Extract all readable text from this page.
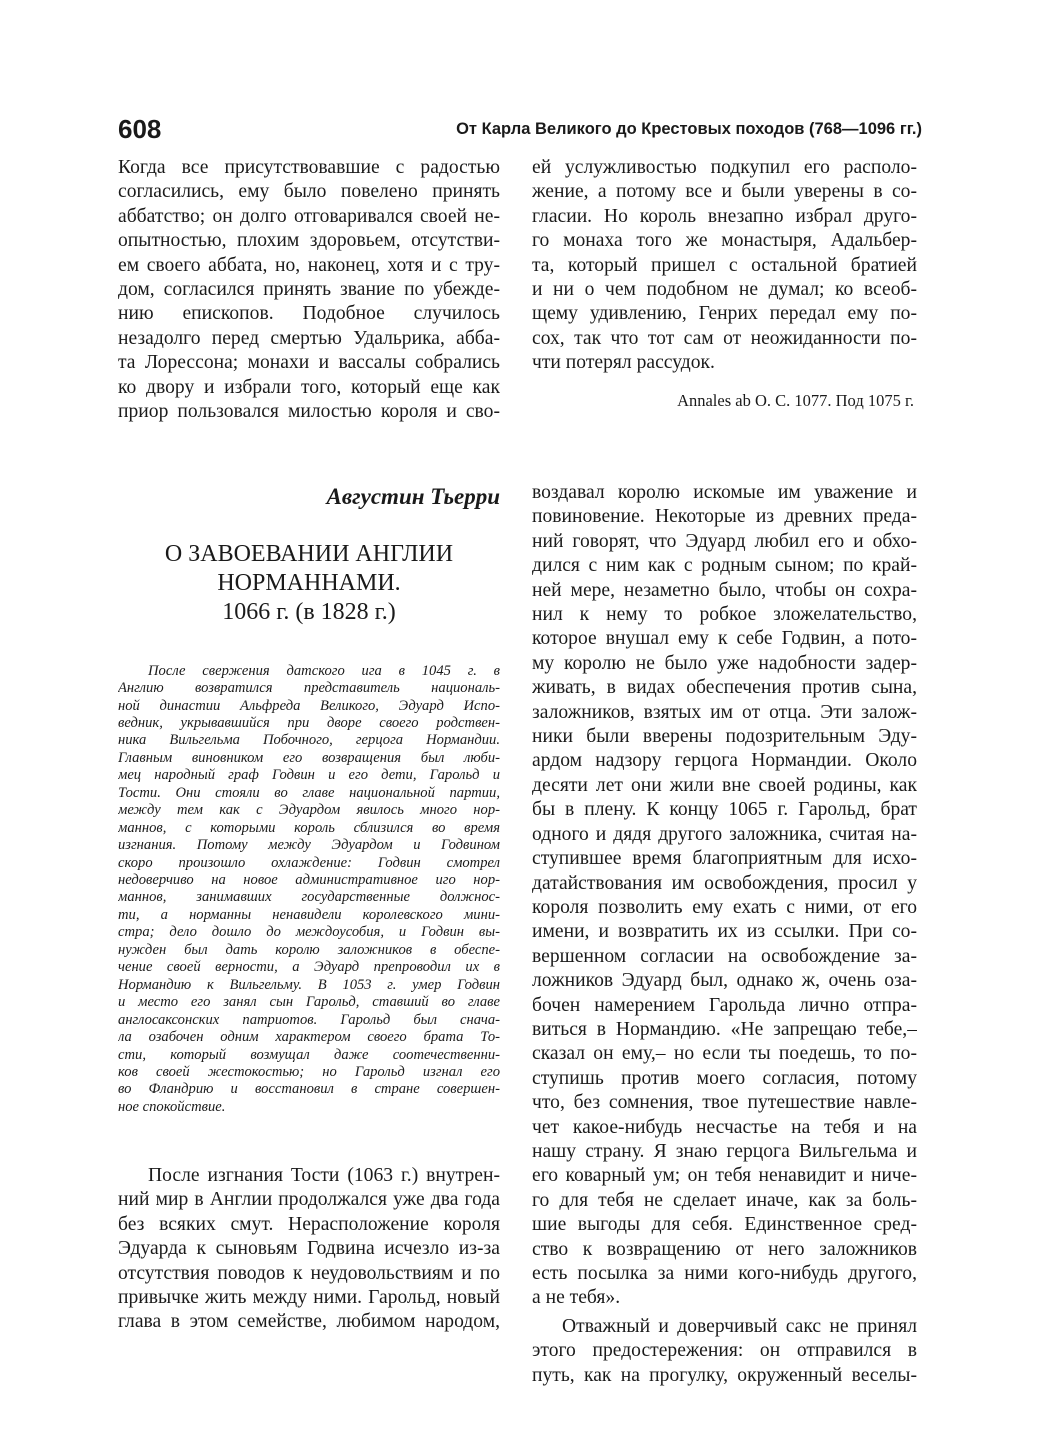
608	От Карла Великого до Крестовых походов (768—1096 гг.)

Когда все присутствовавшие с радостью
согласились, ему было повелено принять
аббатство; он долго отговаривался своей не-
опытностью, плохим здоровьем, отсутстви-
ем своего аббата, но, наконец, хотя и с тру-
дом, согласился принять звание по убежде-
нию епископов. Подобное случилось
незадолго перед смертью Удальрика, абба-
та Лорессона; монахи и вассалы собрались
ко двору и избрали того, который еще как
приор пользовался милостью короля и сво-

ей услужливостью подкупил его располо-
жение, а потому все и были уверены в со-
гласии. Но король внезапно избрал друго-
го монаха того же монастыря, Адальбер-
та, который пришел с остальной братией
и ни о чем подобном не думал; ко всеоб-
щему удивлению, Генрих передал ему по-
сох, так что тот сам от неожиданности по-
чти потерял рассудок.

Annales ab O. C. 1077. Под 1075 г.
Августин Тьерри
О ЗАВОЕВАНИИ АНГЛИИ
НОРМАННАМИ.
1066 г. (в 1828 г.)

После свержения датского ига в 1045 г. в
Англию возвратился представитель националь-
ной династии Альфреда Великого, Эдуард Испо-
ведник, укрывавшийся при дворе своего родствен-
ника Вильгельма Побочного, герцога Нормандии.
Главным виновником его возвращения был люби-
мец народный граф Годвин и его дети, Гарольд и
Тости. Они стояли во главе национальной партии,
между тем как с Эдуардом явилось много нор-
маннов, с которыми король сблизился во время
изгнания. Потому между Эдуардом и Годвином
скоро произошло охлаждение: Годвин смотрел
недоверчиво на новое административное иго нор-
маннов, занимавших государственные должнос-
ти, а норманны ненавидели королевского мини-
стра; дело дошло до междоусобия, и Годвин вы-
нужден был дать королю заложников в обеспе-
чение своей верности, а Эдуард препроводил их в
Нормандию к Вильгельму. В 1053 г. умер Годвин
и место его занял сын Гарольд, ставший во главе
англосаксонских патриотов. Гарольд был снача-
ла озабочен одним характером своего брата То-
сти, который возмущал даже соотечественни-
ков своей жестокостью; но Гарольд изгнал его
во Фландрию и восстановил в стране совершен-
ное спокойствие.

После изгнания Тости (1063 г.) внутрен-
ний мир в Англии продолжался уже два года
без всяких смут. Нерасположение короля
Эдуарда к сыновьям Годвина исчезло из-за
отсутствия поводов к неудовольствиям и по
привычке жить между ними. Гарольд, новый
глава в этом семействе, любимом народом,

воздавал королю искомые им уважение и
повиновение. Некоторые из древних преда-
ний говорят, что Эдуард любил его и обхо-
дился с ним как с родным сыном; по край-
ней мере, незаметно было, чтобы он сохра-
нил к нему то робкое зложелательство,
которое внушал ему к себе Годвин, а пото-
му королю не было уже надобности задер-
живать, в видах обеспечения против сына,
заложников, взятых им от отца. Эти залож-
ники были вверены подозрительным Эду-
ардом надзору герцога Нормандии. Около
десяти лет они жили вне своей родины, как
бы в плену. К концу 1065 г. Гарольд, брат
одного и дядя другого заложника, считая на-
ступившее время благоприятным для исхо-
датайствования им освобождения, просил у
короля позволить ему ехать с ними, от его
имени, и возвратить их из ссылки. При со-
вершенном согласии на освобождение за-
ложников Эдуард был, однако ж, очень оза-
бочен намерением Гарольда лично отпра-
виться в Нормандию. «Не запрещаю тебе,–
сказал он ему,– но если ты поедешь, то по-
ступишь против моего согласия, потому
что, без сомнения, твое путешествие навле-
чет какое-нибудь несчастье на тебя и на
нашу страну. Я знаю герцога Вильгельма и
его коварный ум; он тебя ненавидит и ниче-
го для тебя не сделает иначе, как за боль-
шие выгоды для себя. Единственное сред-
ство к возвращению от него заложников
есть посылка за ними кого-нибудь другого,
а не тебя».

Отважный и доверчивый сакс не принял
этого предостережения: он отправился в
путь, как на прогулку, окруженный веселы-
